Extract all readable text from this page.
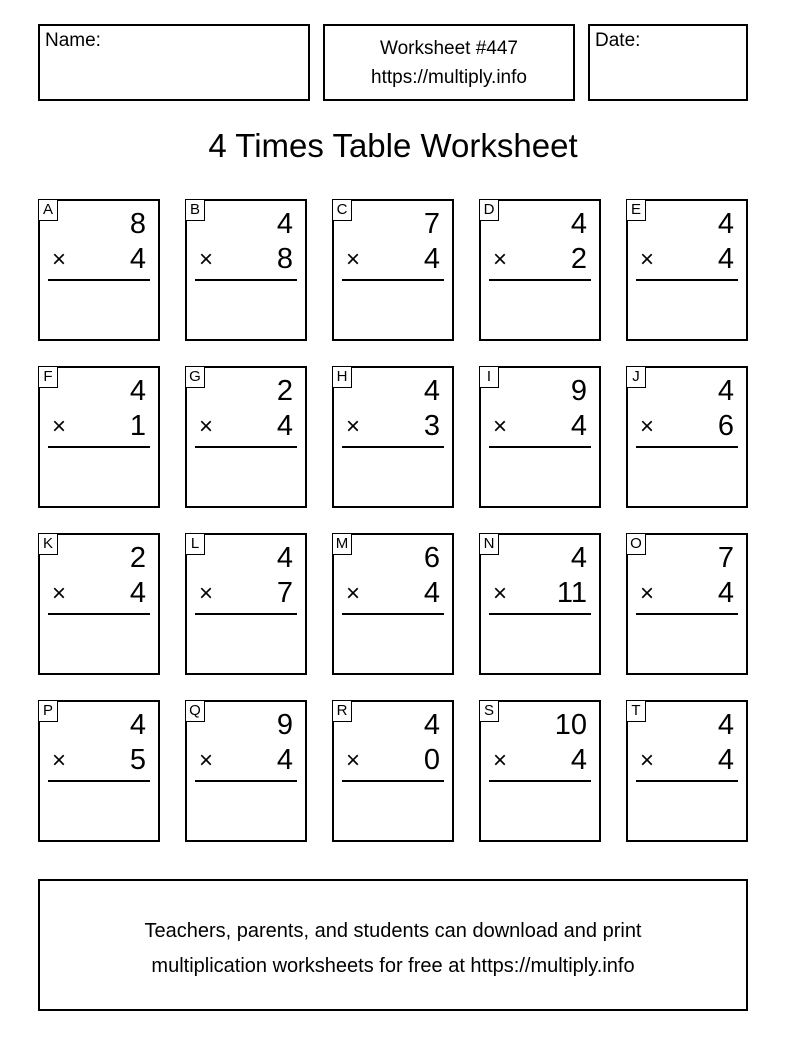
Name:	Worksheet #447
https://multiply.info
Date:
4 Times Table Worksheet
A	8
× 4
B	4
× 8
C	7
× 4
D	4
× 2
E	4
× 4
F	4
× 1
G	2
× 4
H	4
× 3
I	9
× 4
J	4
× 6
K	2
× 4
L	4
× 7
M	6
× 4
N	4
× 11
O	7
× 4
P	4
× 5
Q	9
× 4
R	4
× 0
S 10
× 4
T	4
× 4
Teachers, parents, and students can download and print
multiplication worksheets for free at https://multiply.info
